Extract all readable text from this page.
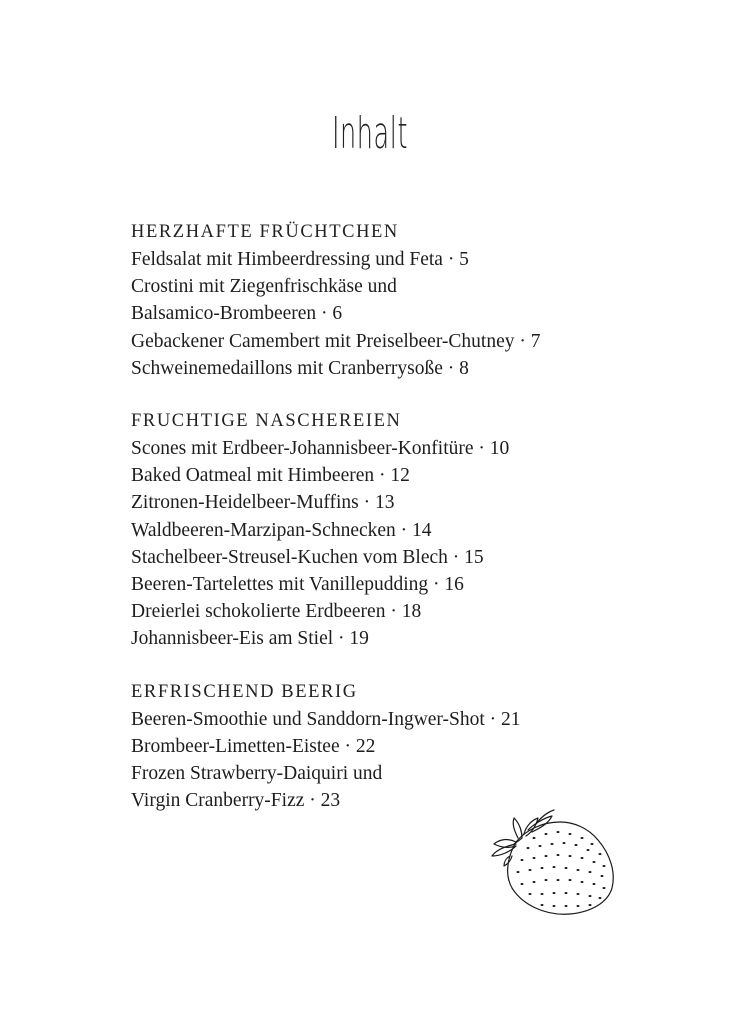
Inhalt
HERZHAFTE FRÜCHTCHEN
Feldsalat mit Himbeerdressing und Feta · 5
Crostini mit Ziegenfrischkäse und
Balsamico-Brombeeren · 6
Gebackener Camembert mit Preiselbeer-Chutney · 7
Schweinemedaillons mit Cranberrysoße · 8
FRUCHTIGE NASCHEREIEN
Scones mit Erdbeer-Johannisbeer-Konfitüre · 10
Baked Oatmeal mit Himbeeren · 12
Zitronen-Heidelbeer-Muffins · 13
Waldbeeren-Marzipan-Schnecken · 14
Stachelbeer-Streusel-Kuchen vom Blech · 15
Beeren-Tartelettes mit Vanillepudding · 16
Dreierlei schokolierte Erdbeeren · 18
Johannisbeer-Eis am Stiel · 19
ERFRISCHEND BEERIG
Beeren-Smoothie und Sanddorn-Ingwer-Shot · 21
Brombeer-Limetten-Eistee · 22
Frozen Strawberry-Daiquiri und
Virgin Cranberry-Fizz · 23
